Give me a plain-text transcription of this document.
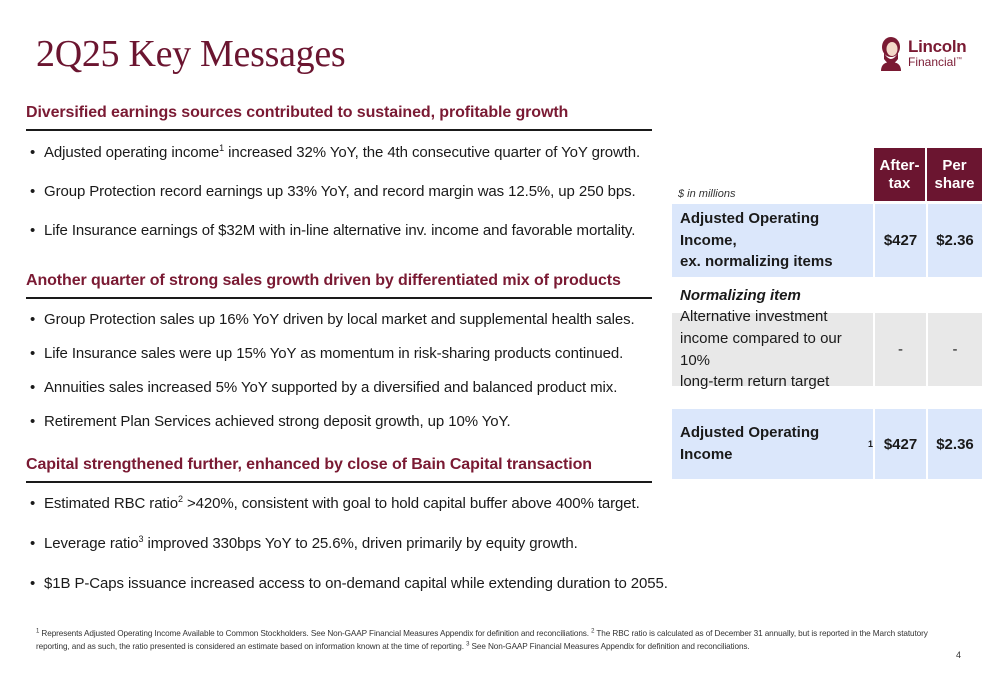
2Q25 Key Messages	Lincoln
Financial™
Diversified earnings sources contributed to sustained, profitable growth
• Adjusted operating income$^1$ increased 32% YoY, the 4th consecutive quarter of YoY growth.
• Group Protection record earnings up 33% YoY, and record margin was 12.5%, up 250 bps.
• Life Insurance earnings of $32M with in-line alternative inv. income and favorable mortality.
Another quarter of strong sales growth driven by differentiated mix of products
• Group Protection sales up 16% YoY driven by local market and supplemental health sales.
• Life Insurance sales were up 15% YoY as momentum in risk-sharing products continued.
• Annuities sales increased 5% YoY supported by a diversified and balanced product mix.
• Retirement Plan Services achieved strong deposit growth, up 10% YoY.
Capital strengthened further, enhanced by close of Bain Capital transaction
• Estimated RBC ratio$^2$ >420%, consistent with goal to hold capital buffer above 400% target.
• Leverage ratio$^3$ improved 330bps YoY to 25.6%, driven primarily by equity growth.
• $1B P-Caps issuance increased access to on-demand capital while extending duration to 2055.
$ in millions
After-tax
Per share
Adjusted Operating Income,
ex. normalizing items
$427	$2.36
Normalizing item
Alternative investment
income compared to our 10%
long-term return target
-	-
Adjusted Operating Income
1 $427	$2.36
$^1$ Represents Adjusted Operating Income Available to Common Stockholders. See Non-GAAP Financial Measures Appendix for definition and reconciliations. $^2$ The RBC ratio is calculated as of December 31 annually, but is reported in the March statutory reporting, and as such, the ratio presented is considered an estimate based on information known at the time of reporting. $^3$ See Non-GAAP Financial Measures Appendix for definition and reconciliations.
4
